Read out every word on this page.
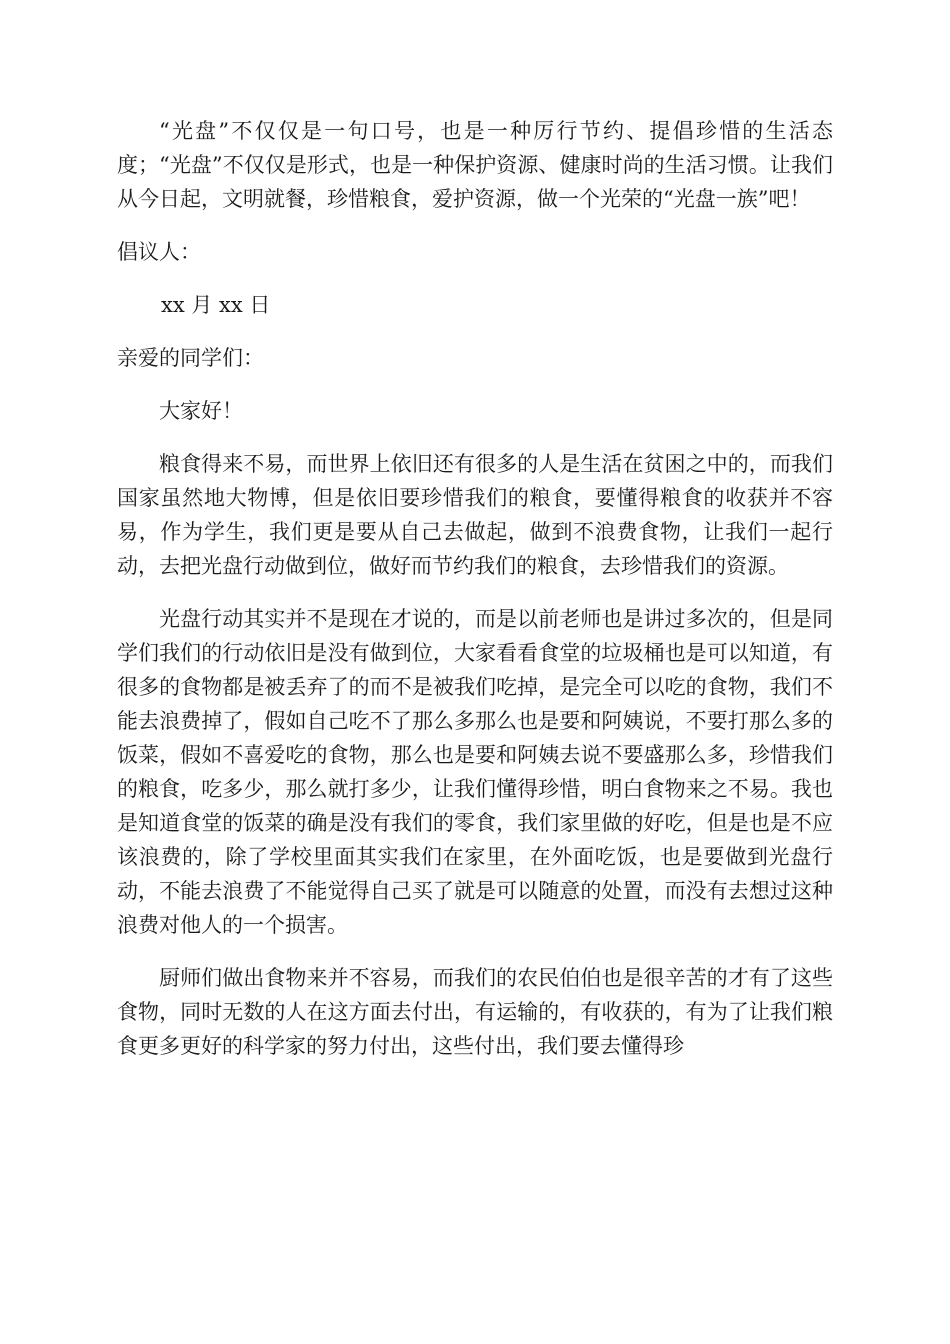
“光盘”不仅仅是一句口号，也是一种厉行节约、提倡珍惜的生活态度；“光盘”不仅仅是形式，也是一种保护资源、健康时尚的生活习惯。让我们从今日起，文明就餐，珍惜粮食，爱护资源，做一个光荣的“光盘一族”吧！

倡议人：

xx 月 xx 日

亲爱的同学们：

大家好！

粮食得来不易，而世界上依旧还有很多的人是生活在贫困之中的，而我们国家虽然地大物博，但是依旧要珍惜我们的粮食，要懂得粮食的收获并不容易，作为学生，我们更是要从自己去做起，做到不浪费食物，让我们一起行动，去把光盘行动做到位，做好而节约我们的粮食，去珍惜我们的资源。

光盘行动其实并不是现在才说的，而是以前老师也是讲过多次的，但是同学们我们的行动依旧是没有做到位，大家看看食堂的垃圾桶也是可以知道，有很多的食物都是被丢弃了的而不是被我们吃掉，是完全可以吃的食物，我们不能去浪费掉了，假如自己吃不了那么多那么也是要和阿姨说，不要打那么多的饭菜，假如不喜爱吃的食物，那么也是要和阿姨去说不要盛那么多，珍惜我们的粮食，吃多少，那么就打多少，让我们懂得珍惜，明白食物来之不易。我也是知道食堂的饭菜的确是没有我们的零食，我们家里做的好吃，但是也是不应该浪费的，除了学校里面其实我们在家里，在外面吃饭，也是要做到光盘行动，不能去浪费了不能觉得自己买了就是可以随意的处置，而没有去想过这种浪费对他人的一个损害。

厨师们做出食物来并不容易，而我们的农民伯伯也是很辛苦的才有了这些食物，同时无数的人在这方面去付出，有运输的，有收获的，有为了让我们粮食更多更好的科学家的努力付出，这些付出，我们要去懂得珍
